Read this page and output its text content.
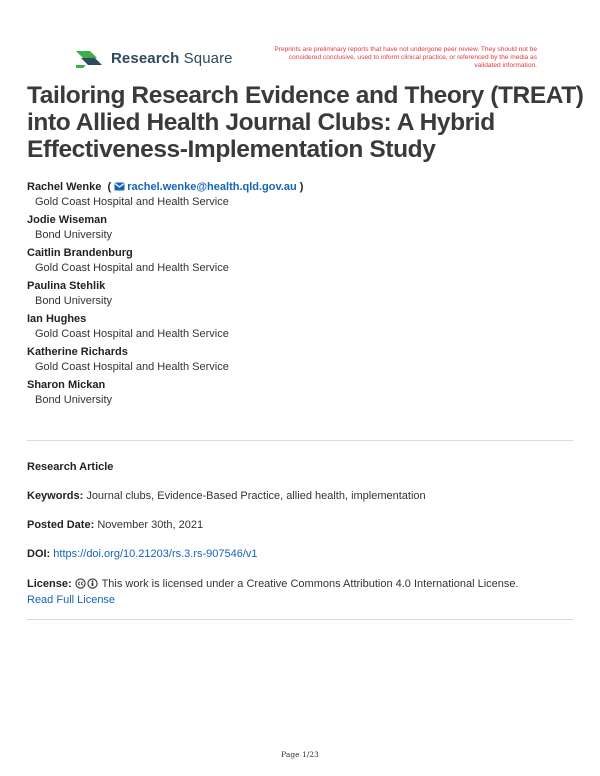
Research Square	Preprints are preliminary reports that have not undergone peer review. They should not be considered conclusive, used to inform clinical practice, or referenced by the media as validated information.
Tailoring Research Evidence and Theory (TREAT) into Allied Health Journal Clubs: A Hybrid Effectiveness-Implementation Study
Rachel Wenke  ( rachel.wenke@health.qld.gov.au )
Gold Coast Hospital and Health Service
Jodie Wiseman
Bond University
Caitlin Brandenburg
Gold Coast Hospital and Health Service
Paulina Stehlik
Bond University
Ian Hughes
Gold Coast Hospital and Health Service
Katherine Richards
Gold Coast Hospital and Health Service
Sharon Mickan
Bond University
Research Article
Keywords: Journal clubs, Evidence-Based Practice, allied health, implementation
Posted Date: November 30th, 2021
DOI: https://doi.org/10.21203/rs.3.rs-907546/v1
License:	This work is licensed under a Creative Commons Attribution 4.0 International License.
Read Full License
Page 1/23
